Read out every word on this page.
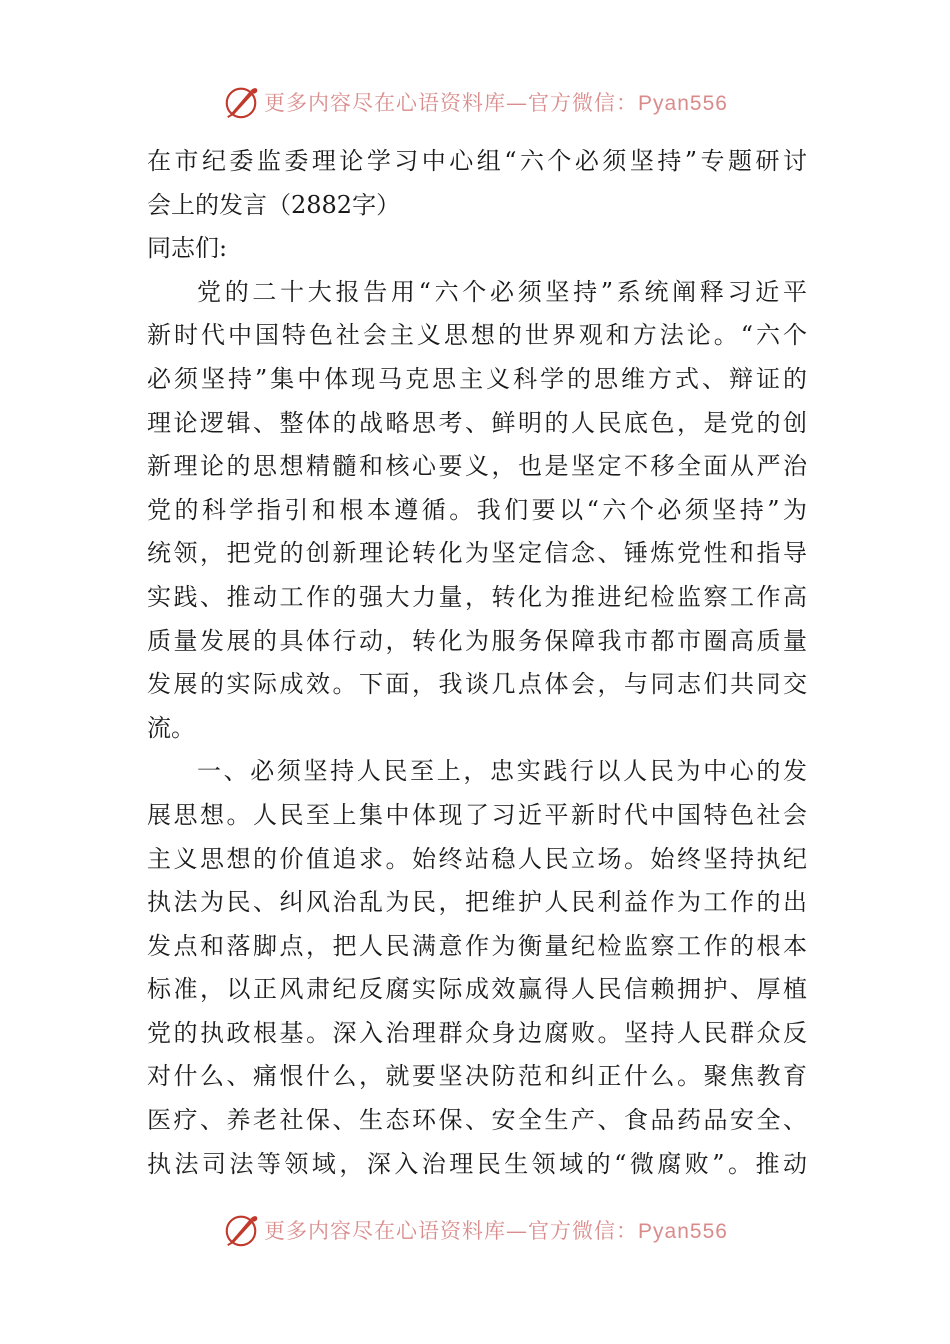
更多内容尽在心语资料库—官方微信：Pyan556
在市纪委监委理论学习中心组“六个必须坚持”专题研讨
会上的发言（2882字）
同志们:
党的二十大报告用“六个必须坚持”系统阐释习近平
新时代中国特色社会主义思想的世界观和方法论。“六个
必须坚持”集中体现马克思主义科学的思维方式、辩证的
理论逻辑、整体的战略思考、鲜明的人民底色，是党的创
新理论的思想精髓和核心要义，也是坚定不移全面从严治
党的科学指引和根本遵循。我们要以“六个必须坚持”为
统领，把党的创新理论转化为坚定信念、锤炼党性和指导
实践、推动工作的强大力量，转化为推进纪检监察工作高
质量发展的具体行动，转化为服务保障我市都市圈高质量
发展的实际成效。下面，我谈几点体会，与同志们共同交
流。
一、必须坚持人民至上，忠实践行以人民为中心的发
展思想。人民至上集中体现了习近平新时代中国特色社会
主义思想的价值追求。始终站稳人民立场。始终坚持执纪
执法为民、纠风治乱为民，把维护人民利益作为工作的出
发点和落脚点，把人民满意作为衡量纪检监察工作的根本
标准，以正风肃纪反腐实际成效赢得人民信赖拥护、厚植
党的执政根基。深入治理群众身边腐败。坚持人民群众反
对什么、痛恨什么，就要坚决防范和纠正什么。聚焦教育
医疗、养老社保、生态环保、安全生产、食品药品安全、
执法司法等领域，深入治理民生领域的“微腐败”。推动
更多内容尽在心语资料库—官方微信：Pyan556
